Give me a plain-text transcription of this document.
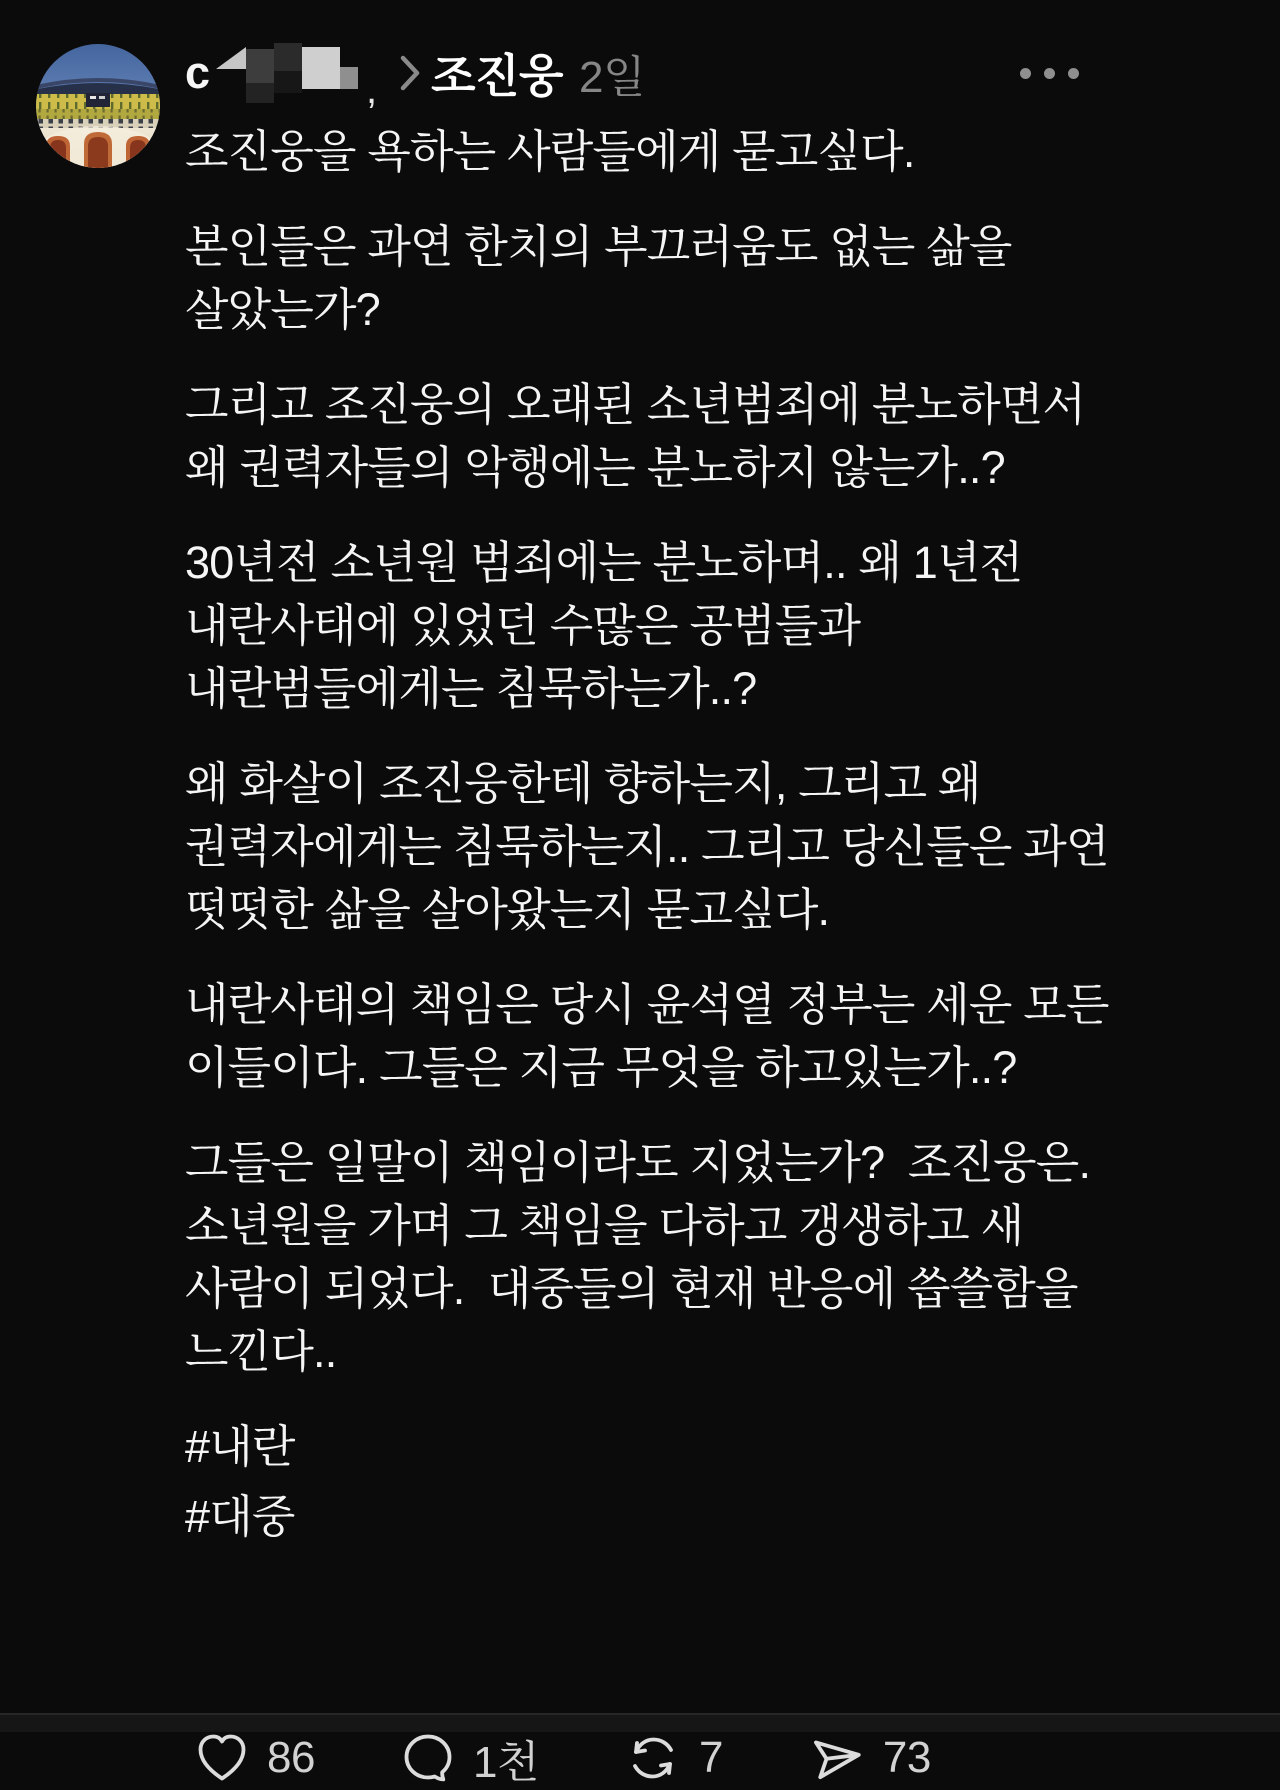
c	, 조진웅 2일

조진웅을 욕하는 사람들에게 묻고싶다.

본인들은 과연 한치의 부끄러움도 없는 삶을 살았는가?

그리고 조진웅의 오래된 소년범죄에 분노하면서 왜 권력자들의 악행에는 분노하지 않는가..?

30년전 소년원 범죄에는 분노하며.. 왜 1년전 내란사태에 있었던 수많은 공범들과 내란범들에게는 침묵하는가..?

왜 화살이 조진웅한테 향하는지, 그리고 왜 권력자에게는 침묵하는지.. 그리고 당신들은 과연 떳떳한 삶을 살아왔는지 묻고싶다.

내란사태의 책임은 당시 윤석열 정부는 세운 모든 이들이다. 그들은 지금 무엇을 하고있는가..?

그들은 일말이 책임이라도 지었는가?  조진웅은. 소년원을 가며 그 책임을 다하고 갱생하고 새 사람이 되었다.  대중들의 현재 반응에 씁쓸함을 느낀다..

#내란

#대중

86	1천	7	73
